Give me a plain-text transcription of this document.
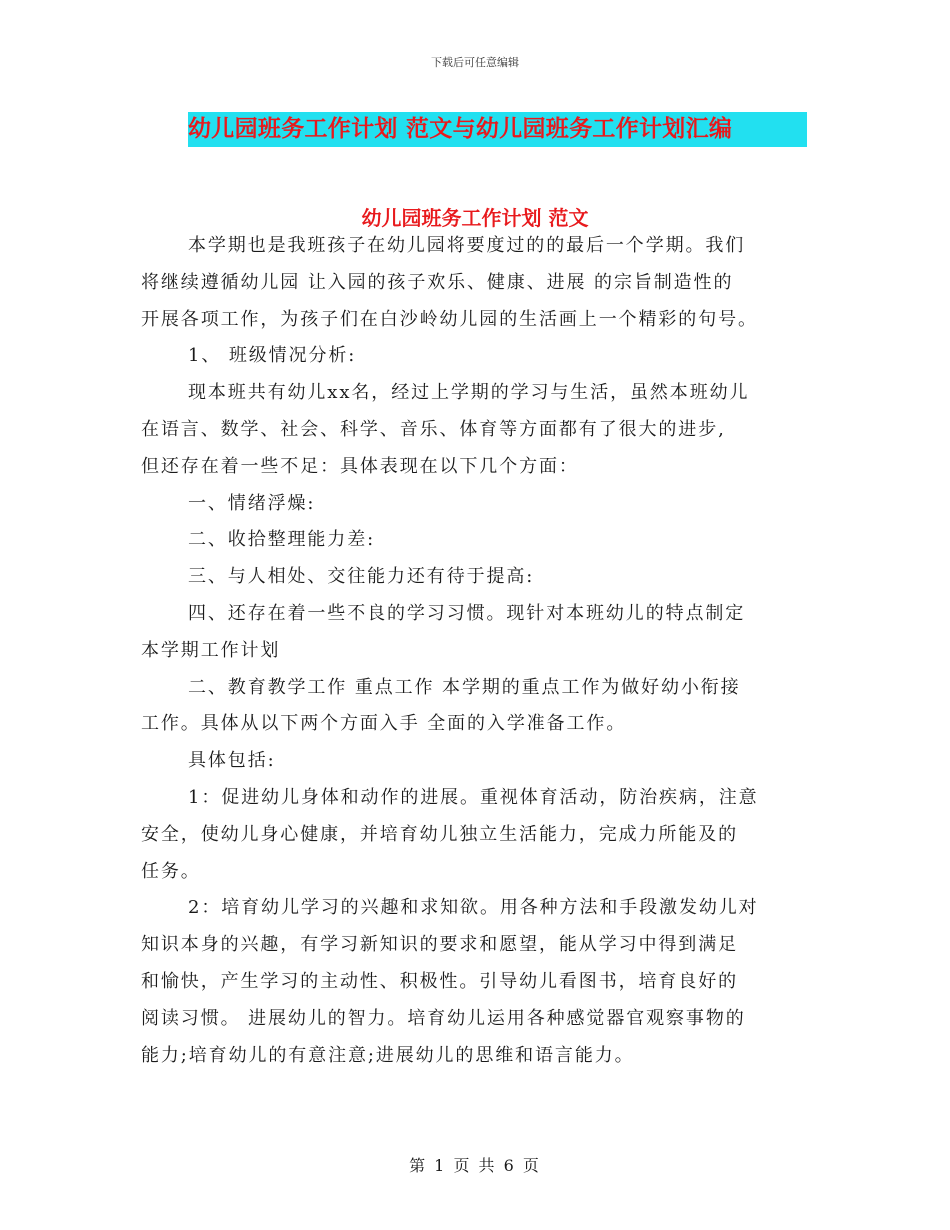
下载后可任意编辑
幼儿园班务工作计划 范文与幼儿园班务工作计划汇编
幼儿园班务工作计划 范文
本学期也是我班孩子在幼儿园将要度过的的最后一个学期。我们
将继续遵循幼儿园 让入园的孩子欢乐、健康、进展 的宗旨制造性的
开展各项工作，为孩子们在白沙岭幼儿园的生活画上一个精彩的句号。
1、 班级情况分析:
现本班共有幼儿xx名，经过上学期的学习与生活，虽然本班幼儿
在语言、数学、社会、科学、音乐、体育等方面都有了很大的进步,
但还存在着一些不足：具体表现在以下几个方面：
一、情绪浮燥:
二、收拾整理能力差:
三、与人相处、交往能力还有待于提高:
四、还存在着一些不良的学习习惯。现针对本班幼儿的特点制定
本学期工作计划
二、教育教学工作 重点工作 本学期的重点工作为做好幼小衔接
工作。具体从以下两个方面入手 全面的入学准备工作。
具体包括:
1：促进幼儿身体和动作的进展。重视体育活动，防治疾病，注意
安全，使幼儿身心健康，并培育幼儿独立生活能力，完成力所能及的
任务。
2：培育幼儿学习的兴趣和求知欲。用各种方法和手段激发幼儿对
知识本身的兴趣，有学习新知识的要求和愿望，能从学习中得到满足
和愉快，产生学习的主动性、积极性。引导幼儿看图书，培育良好的
阅读习惯。 进展幼儿的智力。培育幼儿运用各种感觉器官观察事物的
能力;培育幼儿的有意注意;进展幼儿的思维和语言能力。
第 1 页 共 6 页
